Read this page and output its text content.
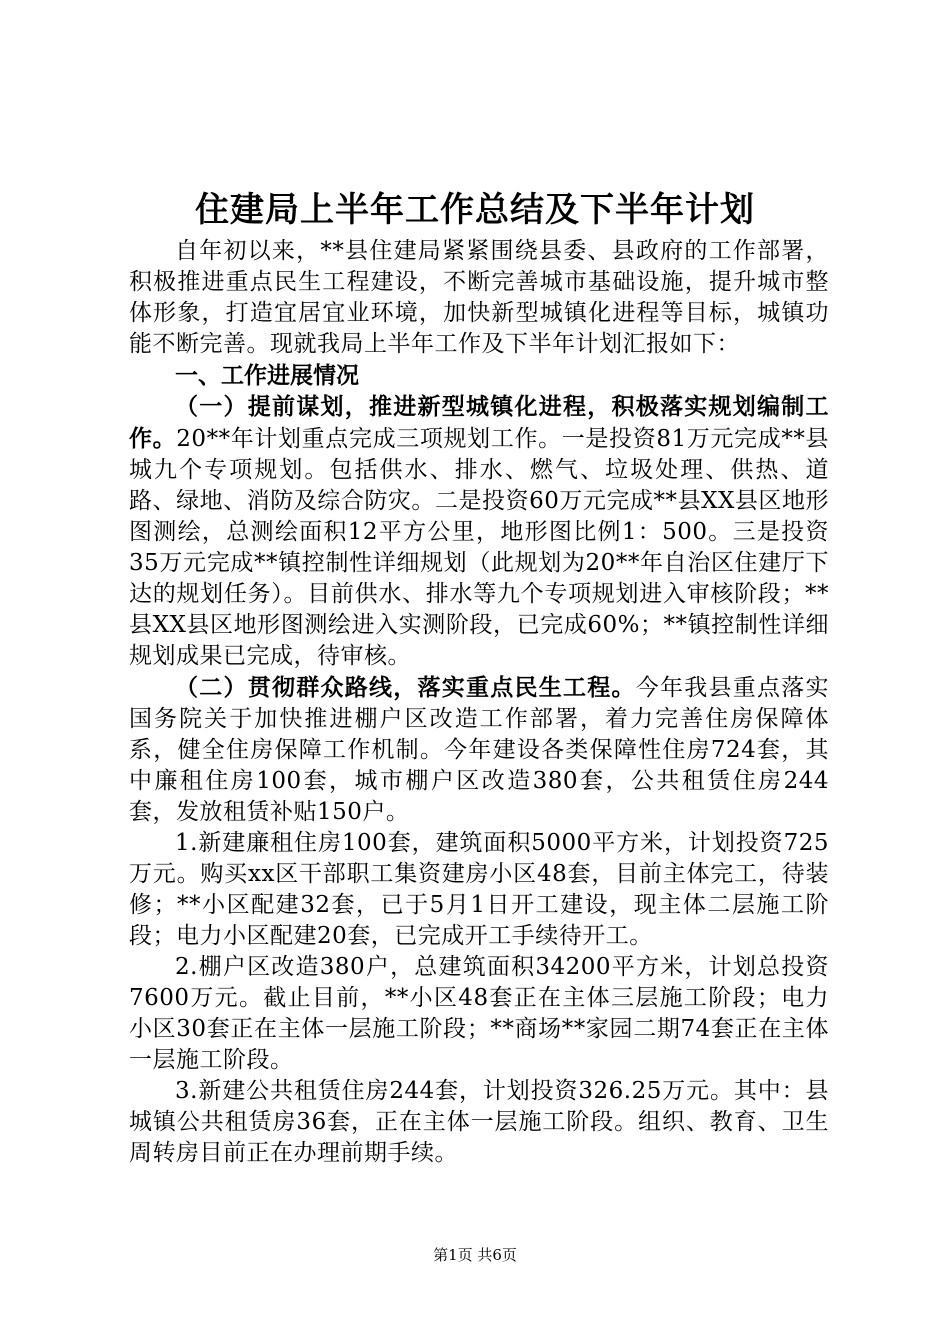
住建局上半年工作总结及下半年计划

自年初以来，**县住建局紧紧围绕县委、县政府的工作部署，积极推进重点民生工程建设，不断完善城市基础设施，提升城市整体形象，打造宜居宜业环境，加快新型城镇化进程等目标，城镇功能不断完善。现就我局上半年工作及下半年计划汇报如下：

一、工作进展情况

（一）提前谋划，推进新型城镇化进程，积极落实规划编制工作。20**年计划重点完成三项规划工作。一是投资81万元完成**县城九个专项规划。包括供水、排水、燃气、垃圾处理、供热、道路、绿地、消防及综合防灾。二是投资60万元完成**县XX县区地形图测绘，总测绘面积12平方公里，地形图比例1：500。三是投资35万元完成**镇控制性详细规划（此规划为20**年自治区住建厅下达的规划任务）。目前供水、排水等九个专项规划进入审核阶段；**县XX县区地形图测绘进入实测阶段，已完成60%；**镇控制性详细规划成果已完成，待审核。

（二）贯彻群众路线，落实重点民生工程。今年我县重点落实国务院关于加快推进棚户区改造工作部署，着力完善住房保障体系，健全住房保障工作机制。今年建设各类保障性住房724套，其中廉租住房100套，城市棚户区改造380套，公共租赁住房244套，发放租赁补贴150户。

1.新建廉租住房100套，建筑面积5000平方米，计划投资725万元。购买xx区干部职工集资建房小区48套，目前主体完工，待装修；**小区配建32套，已于5月1日开工建设，现主体二层施工阶段；电力小区配建20套，已完成开工手续待开工。

2.棚户区改造380户，总建筑面积34200平方米，计划总投资7600万元。截止目前，**小区48套正在主体三层施工阶段；电力小区30套正在主体一层施工阶段；**商场**家园二期74套正在主体一层施工阶段。

3.新建公共租赁住房244套，计划投资326.25万元。其中：县城镇公共租赁房36套，正在主体一层施工阶段。组织、教育、卫生周转房目前正在办理前期手续。

第1页 共6页
